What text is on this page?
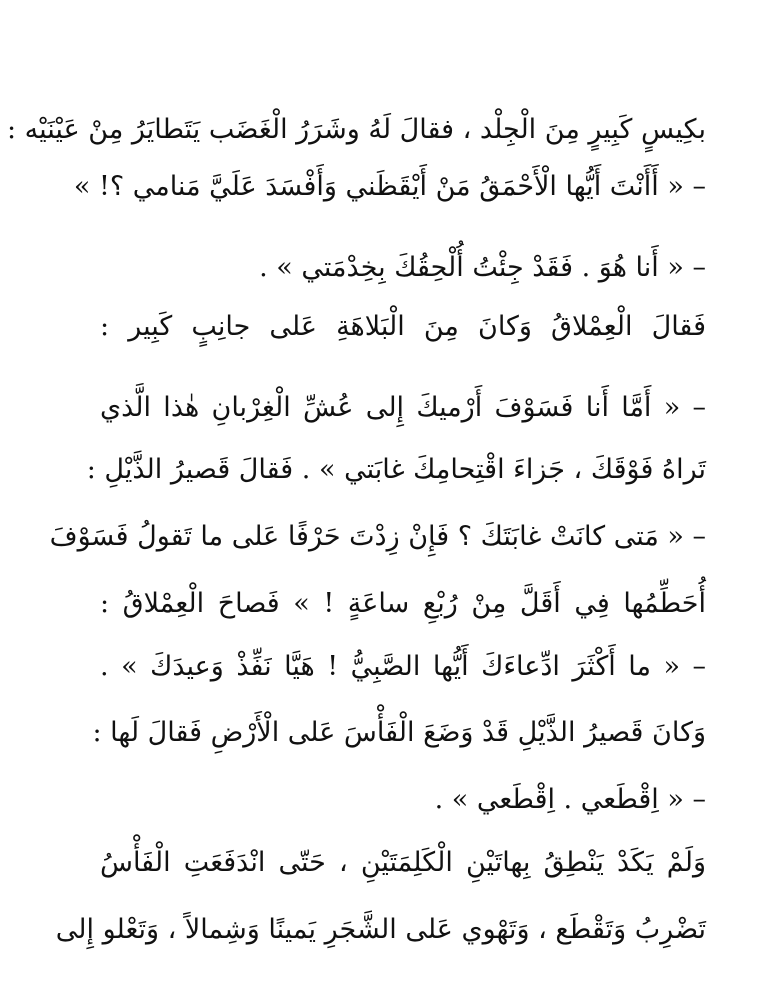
بكِيسٍ كَبِيرٍ مِنَ الْجِلْد ، فقالَ لَهُ وشَرَرُ الْغَضَب يَتَطايَرُ مِنْ عَيْنَيْه :
– « أَأَنْتَ أَيُّها الْأَحْمَقُ مَنْ أَيْقَظَني وَأَفْسَدَ عَلَيَّ مَنامي ؟! »
– « أَنا هُوَ . فَقَدْ جِئْتُ أُلْحِقُكَ بِخِدْمَتي » .
فَقالَ الْعِمْلاقُ وَكانَ مِنَ الْبَلاهَةِ عَلى جانِبٍ كَبِير :
– « أَمَّا أَنا فَسَوْفَ أَرْميكَ إِلى عُشِّ الْغِرْبانِ هٰذا الَّذي
تَراهُ فَوْقَكَ ، جَزاءَ اقْتِحامِكَ غابَتي » . فَقالَ قَصيرُ الذَّيْلِ :
– « مَتى كانَتْ غابَتَكَ ؟ فَإِنْ زِدْتَ حَرْفًا عَلى ما تَقولُ فَسَوْفَ
أُحَطِّمُها فِي أَقَلَّ مِنْ رُبْعِ ساعَةٍ ! » فَصاحَ الْعِمْلاقُ :
– « ما أَكْثَرَ ادِّعاءَكَ أَيُّها الصَّبِيُّ ! هَيَّا نَفِّذْ وَعيدَكَ » .
وَكانَ قَصيرُ الذَّيْلِ قَدْ وَضَعَ الْفَأْسَ عَلى الْأَرْضِ فَقالَ لَها :
– « اِقْطَعي . اِقْطَعي » .
وَلَمْ يَكَدْ يَنْطِقُ بِهاتَيْنِ الْكَلِمَتَيْنِ ، حَتّى انْدَفَعَتِ الْفَأْسُ
تَضْرِبُ وَتَقْطَع ، وَتَهْوي عَلى الشَّجَرِ يَمينًا وَشِمالاً ، وَتَعْلو إِلى
